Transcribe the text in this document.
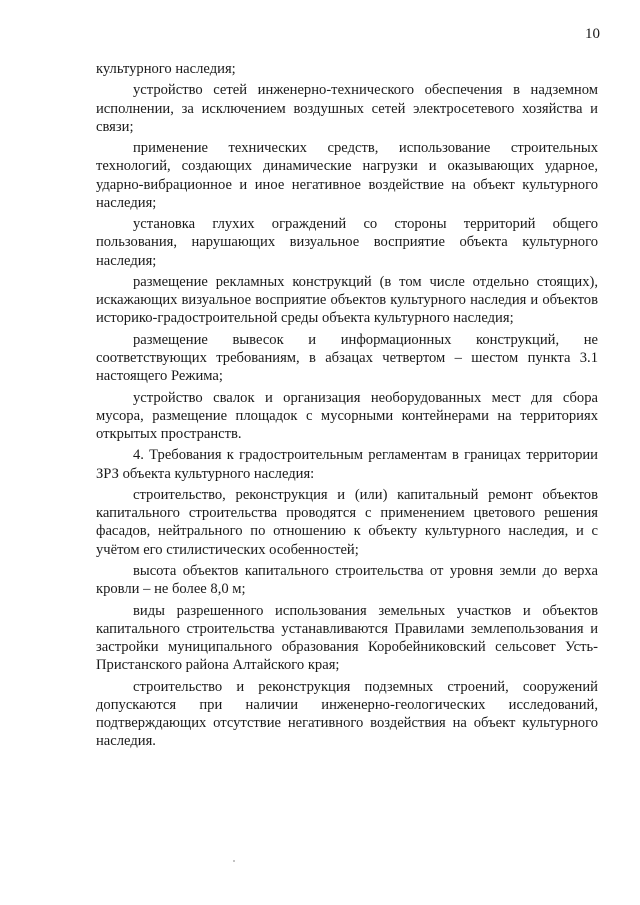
10

культурного наследия;

устройство сетей инженерно-технического обеспечения в надземном исполнении, за исключением воздушных сетей электросетевого хозяйства и связи;

применение технических средств, использование строительных технологий, создающих динамические нагрузки и оказывающих ударное, ударно-вибрационное и иное негативное воздействие на объект культурного наследия;

установка глухих ограждений со стороны территорий общего пользования, нарушающих визуальное восприятие объекта культурного наследия;

размещение рекламных конструкций (в том числе отдельно стоящих), искажающих визуальное восприятие объектов культурного наследия и объектов историко-градостроительной среды объекта культурного наследия;

размещение вывесок и информационных конструкций, не соответствующих требованиям, в абзацах четвертом – шестом пункта 3.1 настоящего Режима;

устройство свалок и организация необорудованных мест для сбора мусора, размещение площадок с мусорными контейнерами на территориях открытых пространств.

4. Требования к градостроительным регламентам в границах территории ЗРЗ объекта культурного наследия:

строительство, реконструкция и (или) капитальный ремонт объектов капитального строительства проводятся с применением цветового решения фасадов, нейтрального по отношению к объекту культурного наследия, и с учётом его стилистических особенностей;

высота объектов капитального строительства от уровня земли до верха кровли – не более 8,0 м;

виды разрешенного использования земельных участков и объектов капитального строительства устанавливаются Правилами землепользования и застройки муниципального образования Коробейниковский сельсовет Усть-Пристанского района Алтайского края;

строительство и реконструкция подземных строений, сооружений допускаются при наличии инженерно-геологических исследований, подтверждающих отсутствие негативного воздействия на объект культурного наследия.
